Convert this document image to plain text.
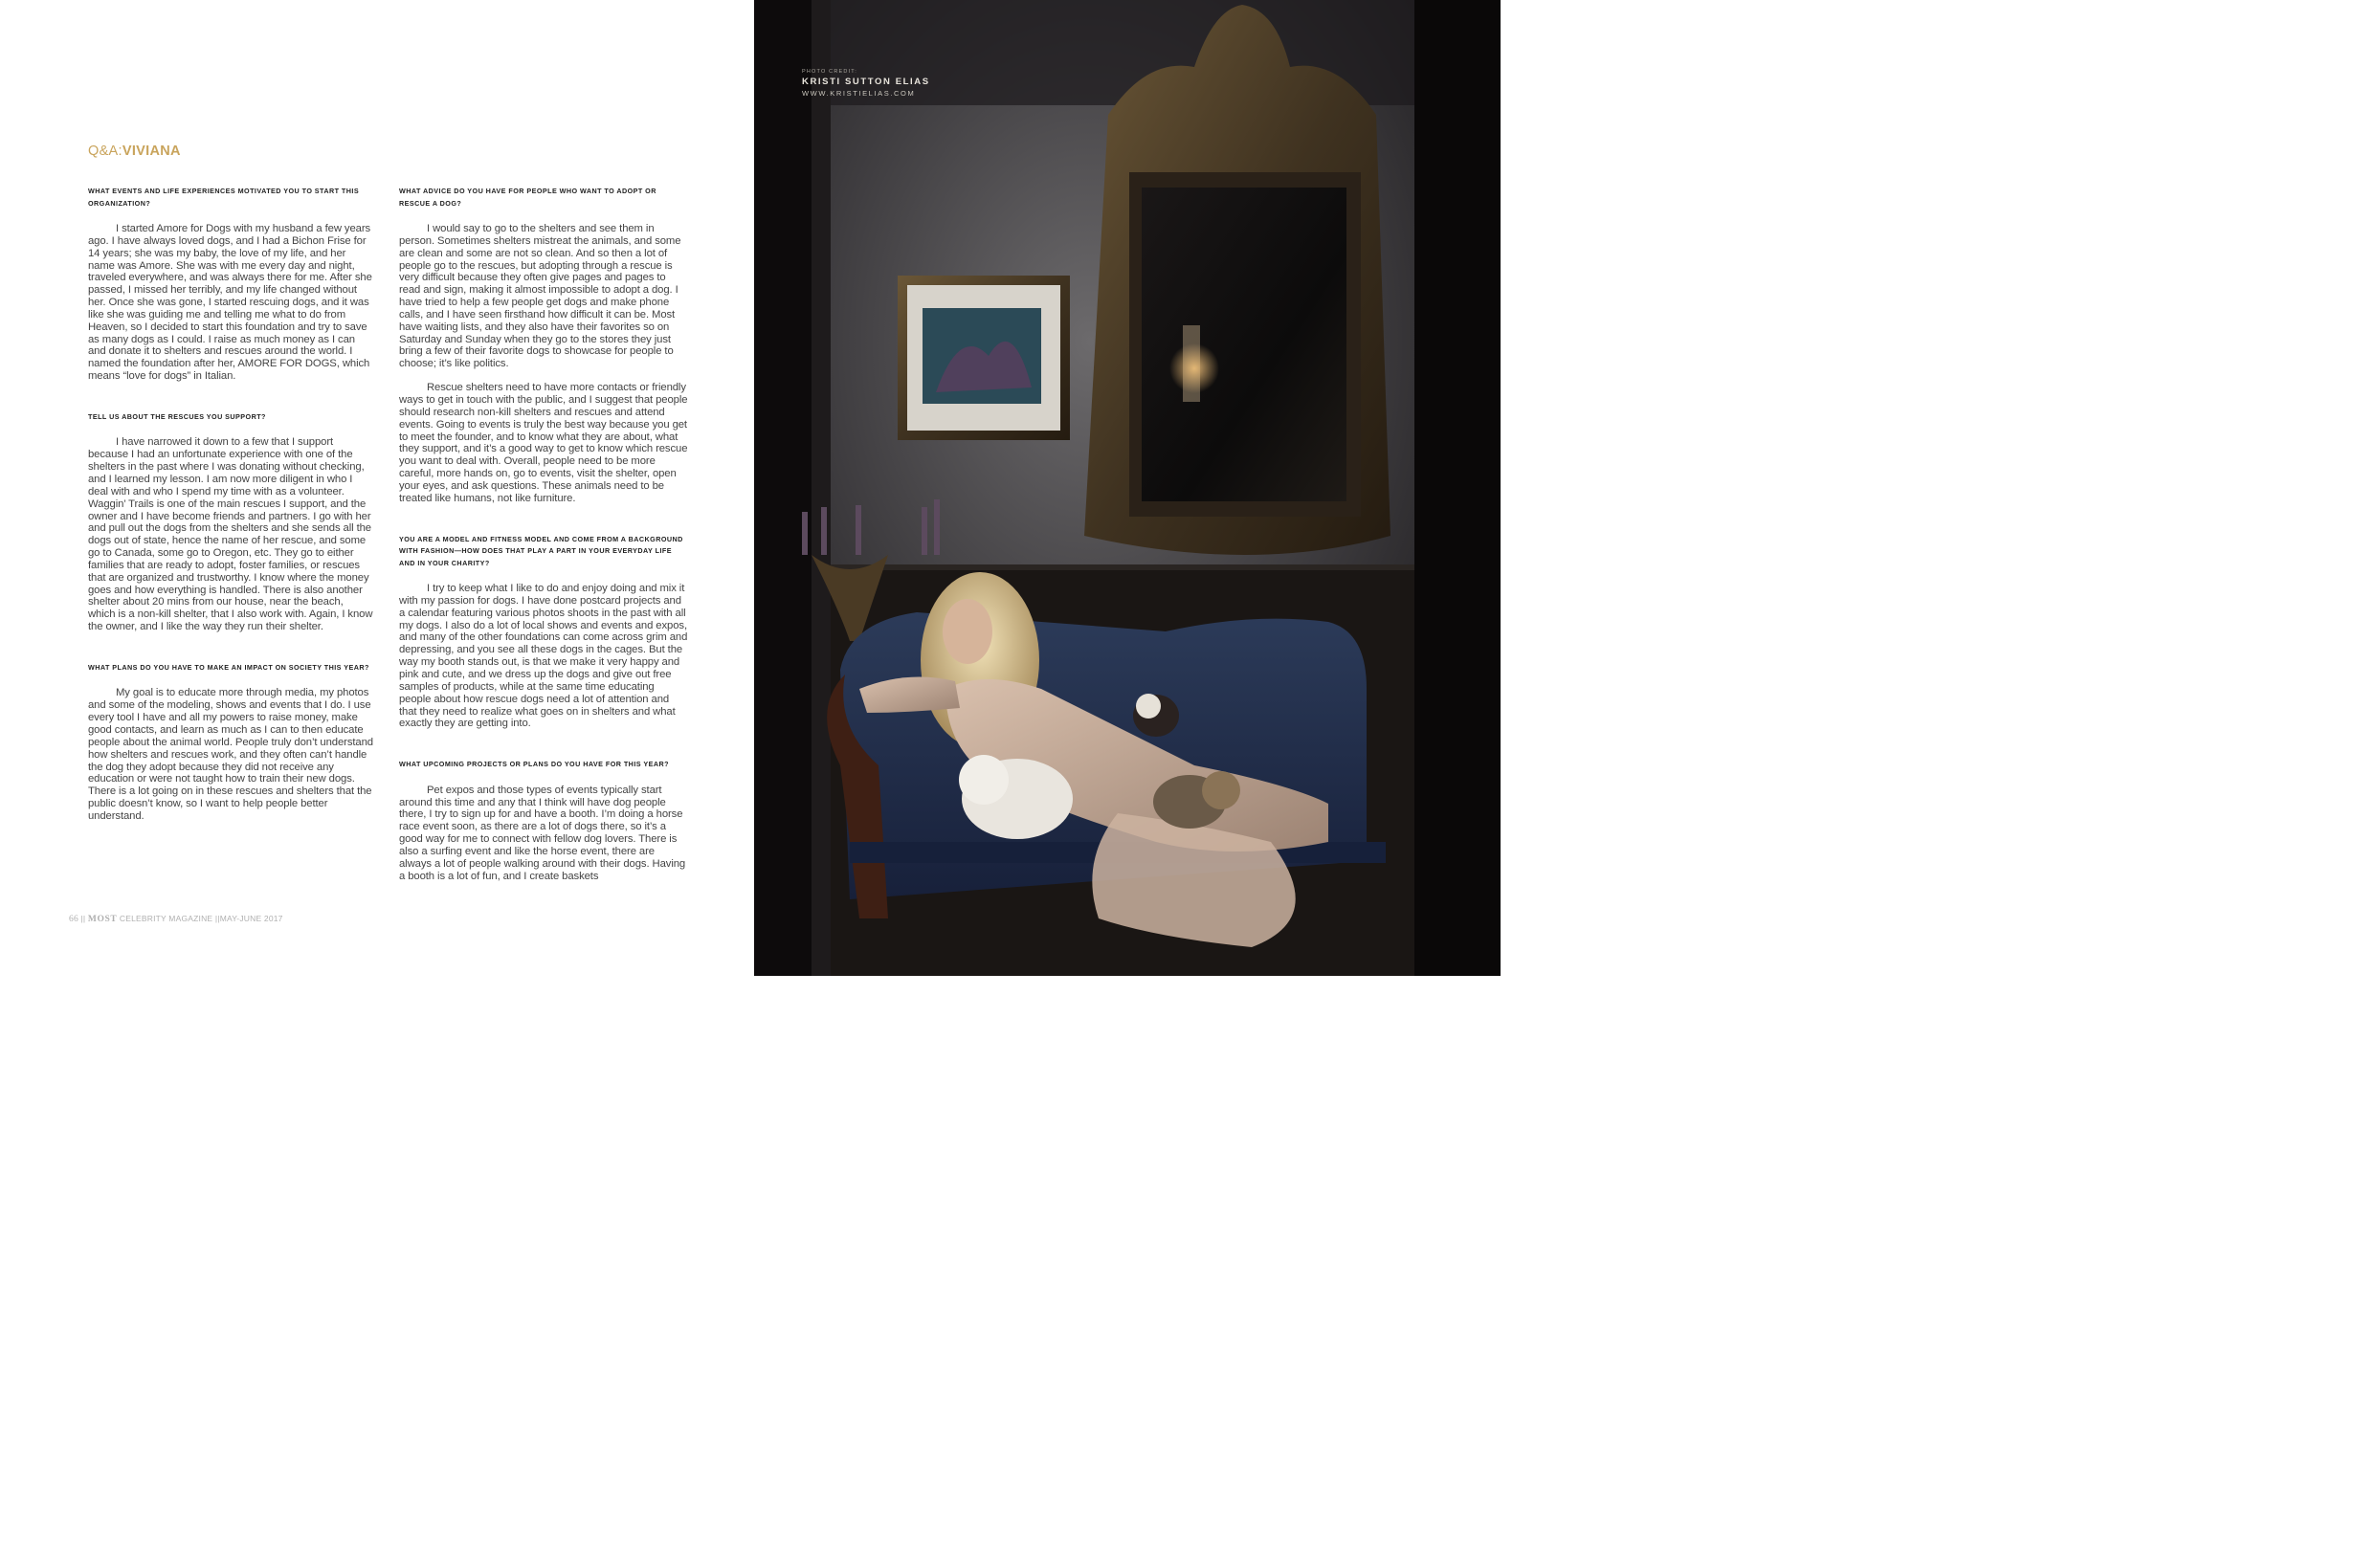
Q&A:VIVIANA

WHAT EVENTS AND LIFE EXPERIENCES MOTIVATED YOU TO START THIS ORGANIZATION?

I started Amore for Dogs with my husband a few years ago. I have always loved dogs, and I had a Bichon Frise for 14 years; she was my baby, the love of my life, and her name was Amore. She was with me every day and night, traveled everywhere, and was always there for me. After she passed, I missed her terribly, and my life changed without her. Once she was gone, I started rescuing dogs, and it was like she was guiding me and telling me what to do from Heaven, so I decided to start this foundation and try to save as many dogs as I could. I raise as much money as I can and donate it to shelters and rescues around the world. I named the foundation after her, AMORE FOR DOGS, which means “love for dogs” in Italian.

TELL US ABOUT THE RESCUES YOU SUPPORT?

I have narrowed it down to a few that I support because I had an unfortunate experience with one of the shelters in the past where I was donating without checking, and I learned my lesson. I am now more diligent in who I deal with and who I spend my time with as a volunteer. Waggin’ Trails is one of the main rescues I support, and the owner and I have become friends and partners. I go with her and pull out the dogs from the shelters and she sends all the dogs out of state, hence the name of her rescue, and some go to Canada, some go to Oregon, etc. They go to either families that are ready to adopt, foster families, or rescues that are organized and trustworthy. I know where the money goes and how everything is handled. There is also another shelter about 20 mins from our house, near the beach, which is a non-kill shelter, that I also work with. Again, I know the owner, and I like the way they run their shelter.

WHAT PLANS DO YOU HAVE TO MAKE AN IMPACT ON SOCIETY THIS YEAR?

My goal is to educate more through media, my photos and some of the modeling, shows and events that I do. I use every tool I have and all my powers to raise money, make good contacts, and learn as much as I can to then educate people about the animal world. People truly don’t understand how shelters and rescues work, and they often can’t handle the dog they adopt because they did not receive any education or were not taught how to train their new dogs. There is a lot going on in these rescues and shelters that the public doesn’t know, so I want to help people better understand.

WHAT ADVICE DO YOU HAVE FOR PEOPLE WHO WANT TO ADOPT OR RESCUE A DOG?

I would say to go to the shelters and see them in person. Sometimes shelters mistreat the animals, and some are clean and some are not so clean. And so then a lot of people go to the rescues, but adopting through a rescue is very difficult because they often give pages and pages to read and sign, making it almost impossible to adopt a dog. I have tried to help a few people get dogs and make phone calls, and I have seen firsthand how difficult it can be. Most have waiting lists, and they also have their favorites so on Saturday and Sunday when they go to the stores they just bring a few of their favorite dogs to showcase for people to choose; it’s like politics.

Rescue shelters need to have more contacts or friendly ways to get in touch with the public, and I suggest that people should research non-kill shelters and rescues and attend events. Going to events is truly the best way because you get to meet the founder, and to know what they are about, what they support, and it’s a good way to get to know which rescue you want to deal with. Overall, people need to be more careful, more hands on, go to events, visit the shelter, open your eyes, and ask questions. These animals need to be treated like humans, not like furniture.

YOU ARE A MODEL AND FITNESS MODEL AND COME FROM A BACKGROUND WITH FASHION—HOW DOES THAT PLAY A PART IN YOUR EVERYDAY LIFE AND IN YOUR CHARITY?

I try to keep what I like to do and enjoy doing and mix it with my passion for dogs. I have done postcard projects and a calendar featuring various photos shoots in the past with all my dogs. I also do a lot of local shows and events and expos, and many of the other foundations can come across grim and depressing, and you see all these dogs in the cages. But the way my booth stands out, is that we make it very happy and pink and cute, and we dress up the dogs and give out free samples of products, while at the same time educating people about how rescue dogs need a lot of attention and that they need to realize what goes on in shelters and what exactly they are getting into.

WHAT UPCOMING PROJECTS OR PLANS DO YOU HAVE FOR THIS YEAR?

Pet expos and those types of events typically start around this time and any that I think will have dog people there, I try to sign up for and have a booth. I’m doing a horse race event soon, as there are a lot of dogs there, so it’s a good way for me to connect with fellow dog lovers. There is also a surfing event and like the horse event, there are always a lot of people walking around with their dogs. Having a booth is a lot of fun, and I create baskets

66 || MOST CELEBRITY MAGAZINE ||MAY-JUNE 2017
PHOTO CREDIT:
KRISTI SUTTON ELIAS
WWW.KRISTIELIAS.COM
